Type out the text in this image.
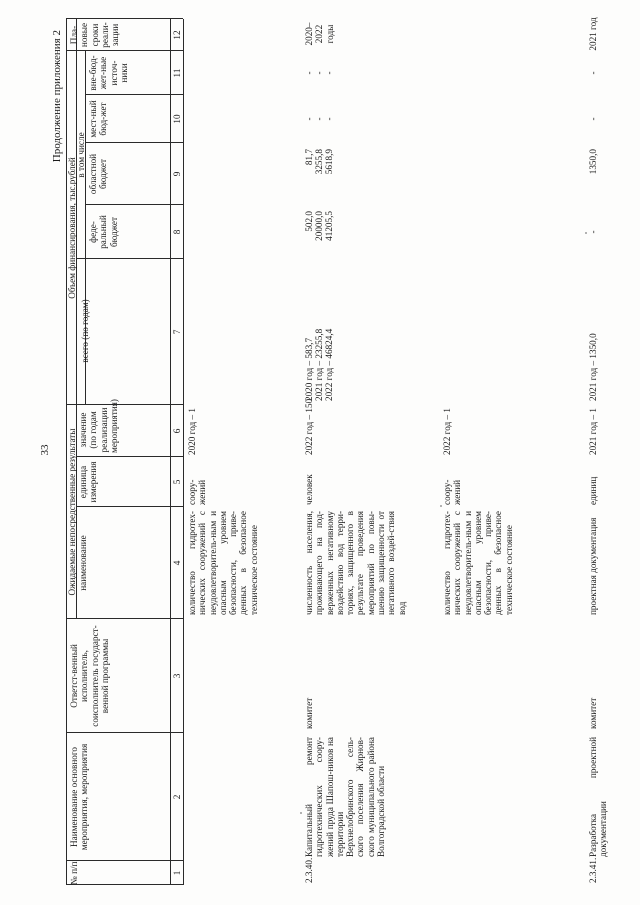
33
Продолжение приложения 2
№ п/п
Наименование основного мероприятия, мероприятия
Ответст-венный исполнитель, соисполнитель государст-венной программы
Ожидаемые непосредственные результаты наименование
единица измерения
значение (по годам реализации мероприятия)
Объем финансирования, тыс.рублей
всего (по годам)
в том числе
феде-ральный бюджет
областной бюджет
мест-ный бюд-жет
вне-бюд-жет-ные источ-ники
Пла-новые сроки реали-зации
1
2
3
4
5
6
7
8
9
10
11
12
количество гидротех-нических сооружений с неудовлетворитель-ным и опасным уровнем безопасности, приве-денных в безопасное техническое состояние
соору-жений
2020 год – 1
2.3.40.
Капитальный ремонт гидротехнических соору-жений пруда Шапош-ников на территории Верхнелобринского сель-ского поселения Жирнов-ского муниципального района Волгоградской области
комитет
численность населения, проживающего на под-верженных негативному воздействию вод терри-ториях, защищенного в результате проведения мероприятий по повы-шению защищенности от негативного воздей-ствия вод
человек
2022 год – 150
2020 год – 583,7 2021 год – 23255,8 2022 год – 46824,4
502,0 20000,0 41205,5
81,7 3255,8 5618,9
- - -
- - -
2020–2022 годы
количество гидротех-нических сооружений с неудовлетворитель-ным и опасным уровнем безопасности, приве-денных в безопасное техническое состояние
соору-жений
2022 год – 1
2.3.41.
Разработка проектной документации
комитет
проектная документация
единиц
2021 год – 1
2021 год – 1350,0
-
1350,0
-
-
2021 год
